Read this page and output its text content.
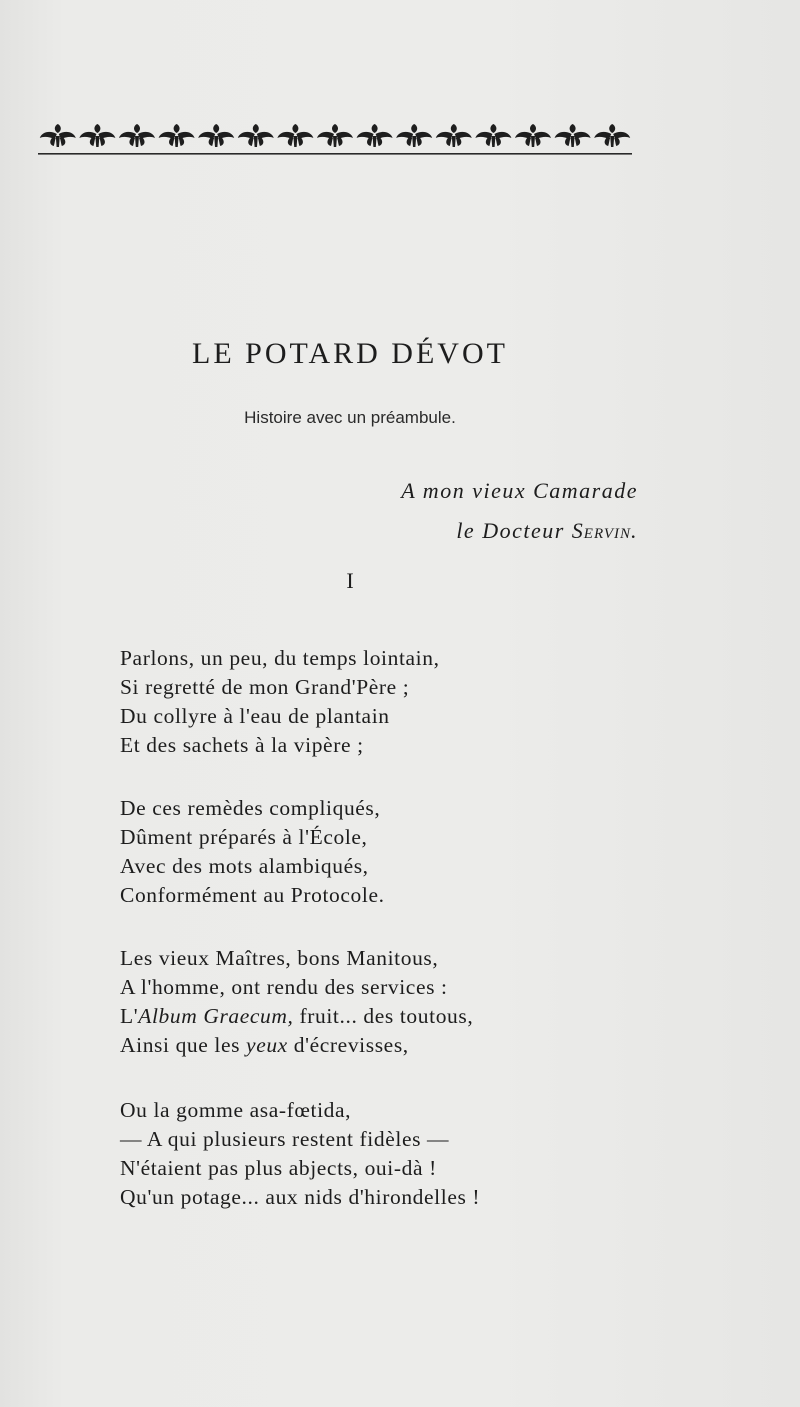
LE POTARD DÉVOT
Histoire avec un préambule.
A mon vieux Camarade
le Docteur Servin.
I
Parlons, un peu, du temps lointain,
Si regretté de mon Grand'Père ;
Du collyre à l'eau de plantain
Et des sachets à la vipère ;
De ces remèdes compliqués,
Dûment préparés à l'École,
Avec des mots alambiqués,
Conformément au Protocole.
Les vieux Maîtres, bons Manitous,
A l'homme, ont rendu des services :
L'Album Graecum, fruit... des toutous,
Ainsi que les yeux d'écrevisses,
Ou la gomme asa-fœtida,
— A qui plusieurs restent fidèles —
N'étaient pas plus abjects, oui-dà !
Qu'un potage... aux nids d'hirondelles !
